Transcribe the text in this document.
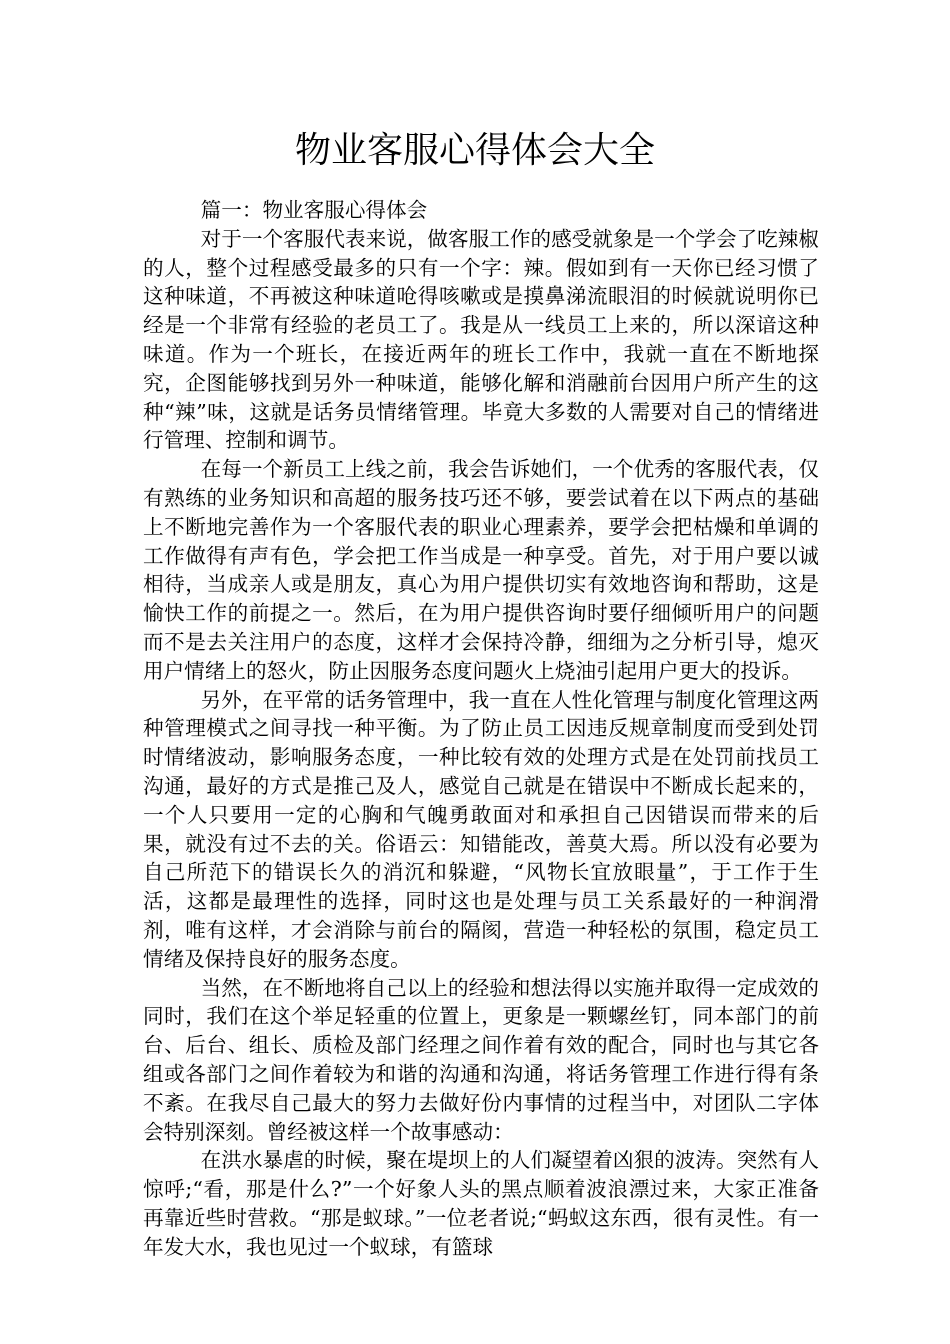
物业客服心得体会大全

篇一：物业客服心得体会

对于一个客服代表来说，做客服工作的感受就象是一个学会了吃辣椒的人，整个过程感受最多的只有一个字：辣。假如到有一天你已经习惯了这种味道，不再被这种味道呛得咳嗽或是摸鼻涕流眼泪的时候就说明你已经是一个非常有经验的老员工了。我是从一线员工上来的，所以深谙这种味道。作为一个班长，在接近两年的班长工作中，我就一直在不断地探究，企图能够找到另外一种味道，能够化解和消融前台因用户所产生的这种“辣”味，这就是话务员情绪管理。毕竟大多数的人需要对自己的情绪进行管理、控制和调节。

在每一个新员工上线之前，我会告诉她们，一个优秀的客服代表，仅有熟练的业务知识和高超的服务技巧还不够，要尝试着在以下两点的基础上不断地完善作为一个客服代表的职业心理素养，要学会把枯燥和单调的工作做得有声有色，学会把工作当成是一种享受。首先，对于用户要以诚相待，当成亲人或是朋友，真心为用户提供切实有效地咨询和帮助，这是愉快工作的前提之一。然后，在为用户提供咨询时要仔细倾听用户的问题而不是去关注用户的态度，这样才会保持冷静，细细为之分析引导，熄灭用户情绪上的怒火，防止因服务态度问题火上烧油引起用户更大的投诉。

另外，在平常的话务管理中，我一直在人性化管理与制度化管理这两种管理模式之间寻找一种平衡。为了防止员工因违反规章制度而受到处罚时情绪波动，影响服务态度，一种比较有效的处理方式是在处罚前找员工沟通，最好的方式是推己及人，感觉自己就是在错误中不断成长起来的，一个人只要用一定的心胸和气魄勇敢面对和承担自己因错误而带来的后果，就没有过不去的关。俗语云：知错能改，善莫大焉。所以没有必要为自己所范下的错误长久的消沉和躲避，“风物长宜放眼量”，于工作于生活，这都是最理性的选择，同时这也是处理与员工关系最好的一种润滑剂，唯有这样，才会消除与前台的隔阂，营造一种轻松的氛围，稳定员工情绪及保持良好的服务态度。

当然，在不断地将自己以上的经验和想法得以实施并取得一定成效的同时，我们在这个举足轻重的位置上，更象是一颗螺丝钉，同本部门的前台、后台、组长、质检及部门经理之间作着有效的配合，同时也与其它各组或各部门之间作着较为和谐的沟通和沟通，将话务管理工作进行得有条不紊。在我尽自己最大的努力去做好份内事情的过程当中，对团队二字体会特别深刻。曾经被这样一个故事感动：

在洪水暴虐的时候，聚在堤坝上的人们凝望着凶狠的波涛。突然有人惊呼;“看，那是什么?”一个好象人头的黑点顺着波浪漂过来，大家正准备再靠近些时营救。“那是蚁球。”一位老者说;“蚂蚁这东西，很有灵性。有一年发大水，我也见过一个蚁球，有篮球
